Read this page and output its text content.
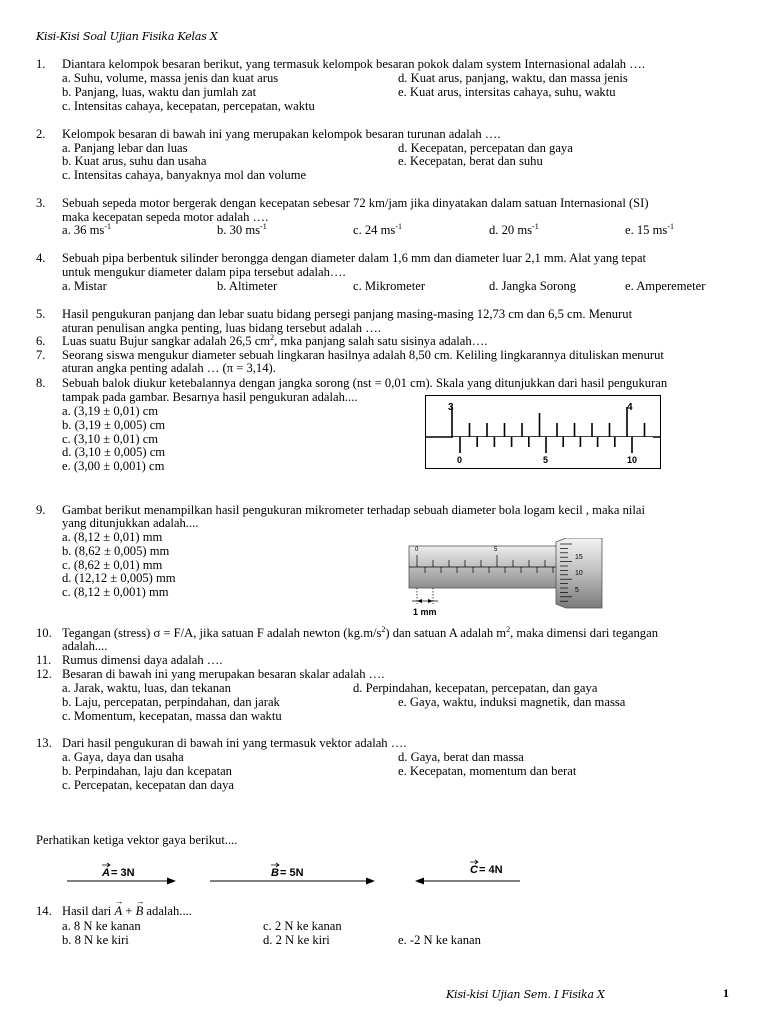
Kisi-Kisi Soal Ujian Fisika Kelas X
1. Diantara kelompok besaran berikut, yang termasuk kelompok besaran pokok dalam system Internasional adalah ….
a. Suhu, volume, massa jenis dan kuat arus
b. Panjang, luas, waktu dan jumlah zat
c. Intensitas cahaya, kecepatan, percepatan, waktu
d. Kuat arus, panjang, waktu, dan massa jenis
e. Kuat arus, intersitas cahaya, suhu, waktu
2. Kelompok besaran di bawah ini yang merupakan kelompok besaran turunan adalah ….
a. Panjang lebar dan luas
b. Kuat arus, suhu dan usaha
c. Intensitas cahaya, banyaknya mol dan volume
d. Kecepatan, percepatan dan gaya
e. Kecepatan, berat dan suhu
3. Sebuah sepeda motor bergerak dengan kecepatan sebesar 72 km/jam jika dinyatakan dalam satuan Internasional (SI)
maka kecepatan sepeda motor adalah ….
a. 36 $ms^{-1}$	b. 30 $ms^{-1}$	c. 24 $ms^{-1}$	d. 20 $ms^{-1}$	e. 15 $ms^{-1}$
4. Sebuah pipa berbentuk silinder berongga dengan diameter dalam 1,6 mm dan diameter luar 2,1 mm. Alat yang tepat
untuk mengukur diameter dalam pipa tersebut adalah….
a. Mistar	b. Altimeter	c. Mikrometer	d. Jangka Sorong	e. Amperemeter
5. Hasil pengukuran panjang dan lebar suatu bidang persegi panjang masing-masing 12,73 cm dan 6,5 cm. Menurut
aturan penulisan angka penting, luas bidang tersebut adalah ….
6. Luas suatu Bujur sangkar adalah 26,5 $cm^2$, mka panjang salah satu sisinya adalah….
7. Seorang siswa mengukur diameter sebuah lingkaran hasilnya adalah 8,50 cm. Keliling lingkarannya dituliskan menurut
aturan angka penting adalah … (π = 3,14).
8. Sebuah balok diukur ketebalannya dengan jangka sorong (nst = 0,01 cm). Skala yang ditunjukkan dari hasil pengukuran
tampak pada gambar. Besarnya hasil pengukuran adalah....
a. (3,19 ± 0,01) cm
b. (3,19 ± 0,005) cm
c. (3,10 ± 0,01) cm
d. (3,10 ± 0,005) cm
e. (3,00 ± 0,001) cm
3	4
0	5	10
9. Gambat berikut menampilkan hasil pengukuran mikrometer terhadap sebuah diameter bola logam kecil , maka nilai
yang ditunjukkan adalah....
a. (8,12 ± 0,01) mm
b. (8,62 ± 0,005) mm
c. (8,62 ± 0,01) mm
d. (12,12 ± 0,005) mm
c. (8,12 ± 0,001) mm
0	5
15
10
5
1 mm
10. Tegangan (stress) σ = F/A, jika satuan F adalah newton $(kg.m/s^2)$ dan satuan A adalah $m^2$, maka dimensi dari tegangan
adalah....
11. Rumus dimensi daya adalah ….
12. Besaran di bawah ini yang merupakan besaran skalar adalah ….
a. Jarak, waktu, luas, dan tekanan
b. Laju, percepatan, perpindahan, dan jarak
c. Momentum, kecepatan, massa dan waktu
d. Perpindahan, kecepatan, percepatan, dan gaya
e. Gaya, waktu, induksi magnetik, dan massa
13. Dari hasil pengukuran di bawah ini yang termasuk vektor adalah ….
a. Gaya, daya dan usaha
b. Perpindahan, laju dan kcepatan
c. Percepatan, kecepatan dan daya
d. Gaya, berat dan massa
e. Kecepatan, momentum dan berat
Perhatikan ketiga vektor gaya berikut....
A = 3N	B = 5N	C = 4N
14. Hasil dari
→
A +
→
B adalah....
a. 8 N ke kanan
b. 8 N ke kiri
c. 2 N ke kanan
d. 2 N ke kiri	e. -2 N ke kanan
Kisi-kisi Ujian Sem. I Fisika X	1
